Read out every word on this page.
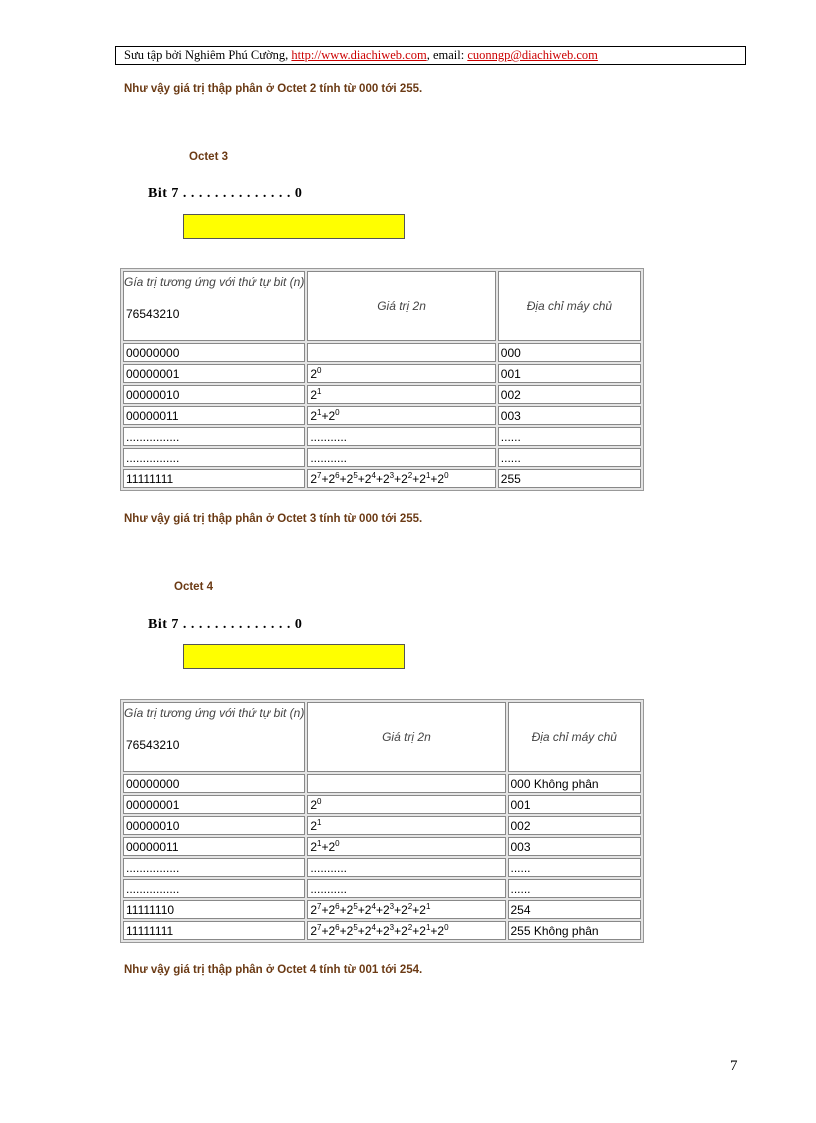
Sưu tập bởi Nghiêm Phú Cường, http://www.diachiweb.com, email: cuonngp@diachiweb.com
Như vậy giá trị thập phân ở Octet 2 tính từ 000 tới 255.
Octet 3
Bit 7 . . . . . . . . . . . . . . 0
Gía trị tương ứng với thứ tự bit (n)
76543210	Giá trị 2n	Địa chỉ máy chủ
00000000		000
00000001	$2^0$	001
00000010	$2^1$	002
00000011	$2^1+2^0$	003
................	...........	......
................	...........	......
11111111	$2^7+2^6+2^5+2^4+2^3+2^2+2^1+2^0$	255
Như vậy giá trị thập phân ở Octet 3 tính từ 000 tới 255.
Octet 4
Bit 7 . . . . . . . . . . . . . . 0
Gía trị tương ứng với thứ tự bit (n)
76543210	Giá trị 2n	Địa chỉ máy chủ
00000000		000 Không phân
00000001	$2^0$	001
00000010	$2^1$	002
00000011	$2^1+2^0$	003
................	...........	......
................	...........	......
11111110	$2^7+2^6+2^5+2^4+2^3+2^2+2^1$	254
11111111	$2^7+2^6+2^5+2^4+2^3+2^2+2^1+2^0$	255 Không phân
Như vậy giá trị thập phân ở Octet 4 tính từ 001 tới 254.
7
